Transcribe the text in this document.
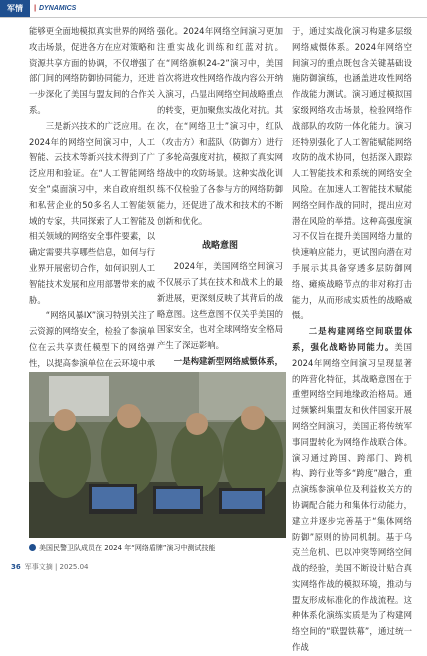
军情	| DYNAMICS

能够更全面地模拟真实世界的网络攻击场景，促进各方在应对策略和资源共享方面的协调，不仅增强了部门间的网络防御协同能力，还进一步深化了美国与盟友间的合作关系。

三是新兴技术的广泛应用。在2024年的网络空间演习中，人工智能、云技术等新兴技术得到了广泛应用和验证。在“人工智能网络安全”桌面演习中，来自政府组织和私营企业的50多名人工智能领域的专家，共同探索了人工智能及相关领域的网络安全事件要素，以确定需要共享哪些信息，如何与行业界开展密切合作，如何识别人工智能技术发展和应用部署带来的威胁。

“网络风暴IX”演习特别关注了云资源的网络安全，检验了参演单位在云共享责任模型下的网络弹性，以提高参演单位在云环境中承

强化。2024年网络空间演习更加注重实战化训练和红蓝对抗。在“网络旗帜24-2”演习中，美国首次将进攻性网络作战内容公开纳入演习，凸显出网络空间战略重点的转变，更加聚焦实战化对抗。其次，在“网络卫士”演习中，红队（攻击方）和蓝队（防御方）进行了多轮高强度对抗，模拟了真实网络战中的攻防场景。这种实战化训练不仅检验了各参与方的网络防御能力，还促进了战术和技术的不断创新和优化。

战略意图

2024年，美国网络空间演习不仅展示了其在技术和战术上的最新进展，更深刻反映了其背后的战略意图。这些意图不仅关乎美国的国家安全，也对全球网络安全格局产生了深远影响。

一是构建新型网络威慑体系，

于，通过实战化演习构建多层级网络威慑体系。2024年网络空间演习的重点既包含关键基础设施防御演练，也涵盖进攻性网络作战能力测试。演习通过模拟国家级网络攻击场景，检验网络作战部队的攻防一体化能力。演习还特别强化了人工智能赋能网络攻防的战术协同，包括深入跟踪人工智能技术和系统的网络安全风险。在加速人工智能技术赋能网络空间作战的同时，提出应对潜在风险的举措。这种高强度演习不仅旨在提升美国网络力量的快速响应能力，更试图向潜在对手展示其具备穿透多层防御网络、瘫痪战略节点的非对称打击能力，从而形成实质性的战略威慑。

二是构建网络空间联盟体系，强化战略协同能力。美国2024年网络空间演习呈现显著的阵营化特征，其战略意图在于重塑网络空间地缘政治格局。通过频繁纠集盟友和伙伴国家开展网络空间演习，美国正将传统军事同盟转化为网络作战联合体。演习通过跨国、跨部门、跨机构、跨行业等多“跨度”融合，重点演练参演单位及利益攸关方的协调配合能力和集体行动能力，建立并逐步完善基于“集体网络防御”原则的协同机制。基于乌克兰危机、巴以冲突等网络空间战的经验，美国不断设计贴合真实网络作战的模拟环境，推动与盟友形成标准化的作战流程。这种体系化演练实质是为了构建网络空间的“联盟铁幕”，通过统一作战

美国民警卫队成员在 2024 年“网络盾牌”演习中测试技能
36 军事文摘 | 2025.04
